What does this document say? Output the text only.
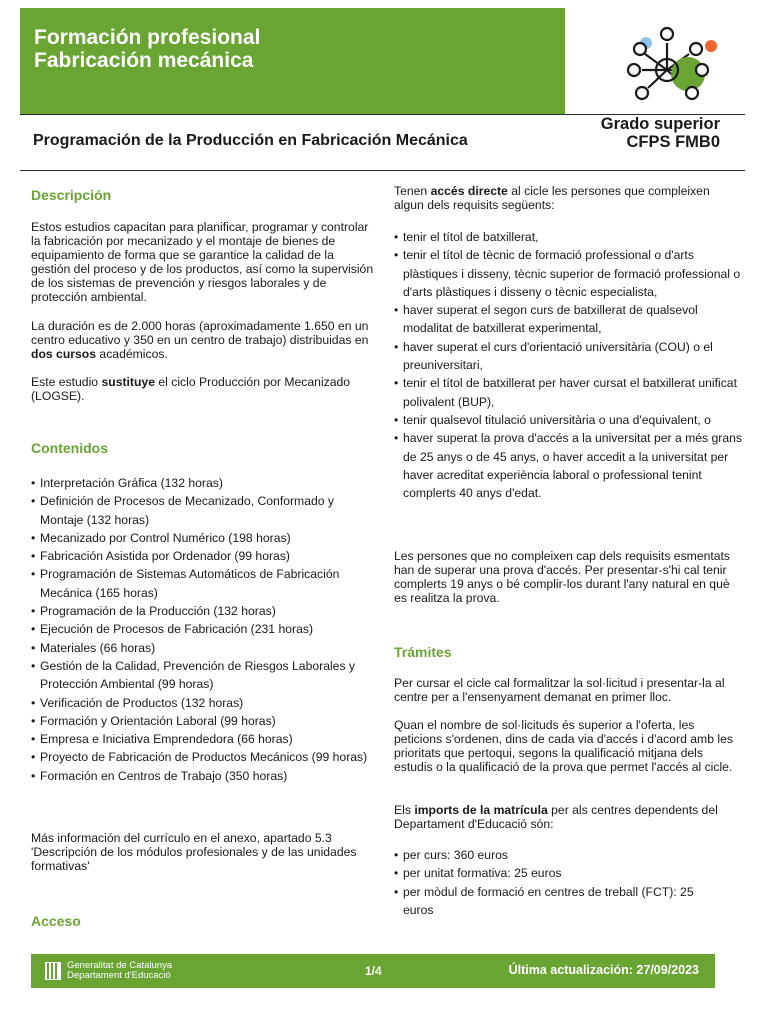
Formación profesional
Fabricación mecánica
Programación de la Producción en Fabricación Mecánica
Grado superior
CFPS FMB0
Descripción
Estos estudios capacitan para planificar, programar y controlar la fabricación por mecanizado y el montaje de bienes de equipamiento de forma que se garantice la calidad de la gestión del proceso y de los productos, así como la supervisión de los sistemas de prevención y riesgos laborales y de protección ambiental.
La duración es de 2.000 horas (aproximadamente 1.650 en un centro educativo y 350 en un centro de trabajo) distribuidas en dos cursos académicos.
Este estudio sustituye el ciclo Producción por Mecanizado (LOGSE).
Contenidos
• Interpretación Gráfica (132 horas)
• Definición de Procesos de Mecanizado, Conformado y Montaje (132 horas)
• Mecanizado por Control Numérico (198 horas)
• Fabricación Asistida por Ordenador (99 horas)
• Programación de Sistemas Automáticos de Fabricación Mecánica (165 horas)
• Programación de la Producción (132 horas)
• Ejecución de Procesos de Fabricación (231 horas)
• Materiales (66 horas)
• Gestión de la Calidad, Prevención de Riesgos Laborales y Protección Ambiental (99 horas)
• Verificación de Productos (132 horas)
• Formación y Orientación Laboral (99 horas)
• Empresa e Iniciativa Emprendedora (66 horas)
• Proyecto de Fabricación de Productos Mecánicos (99 horas)
• Formación en Centros de Trabajo (350 horas)
Más información del currículo en el anexo, apartado 5.3 'Descripción de los módulos profesionales y de las unidades formativas'
Acceso
Tenen accés directe al cicle les persones que compleixen algun dels requisits següents:
• tenir el títol de batxillerat,
• tenir el títol de tècnic de formació professional o d'arts plàstiques i disseny, tècnic superior de formació professional o d'arts plàstiques i disseny o tècnic especialista,
• haver superat el segon curs de batxillerat de qualsevol modalitat de batxillerat experimental,
• haver superat el curs d'orientació universitària (COU) o el preuniversitari,
• tenir el títol de batxillerat per haver cursat el batxillerat unificat polivalent (BUP),
• tenir qualsevol titulació universitària o una d'equivalent, o
• haver superat la prova d'accés a la universitat per a més grans de 25 anys o de 45 anys, o haver accedit a la universitat per haver acreditat experiència laboral o professional tenint complerts 40 anys d'edat.
Les persones que no compleixen cap dels requisits esmentats han de superar una prova d'accés. Per presentar-s'hi cal tenir complerts 19 anys o bé complir-los durant l'any natural en què es realitza la prova.
Trámites
Per cursar el cicle cal formalitzar la sol·licitud i presentar-la al centre per a l'ensenyament demanat en primer lloc.
Quan el nombre de sol·licituds és superior a l'oferta, les peticions s'ordenen, dins de cada via d'accés i d'acord amb les prioritats que pertoqui, segons la qualificació mitjana dels estudis o la qualificació de la prova que permet l'accés al cicle.
Els imports de la matrícula per als centres dependents del Departament d'Educació són:
• per curs: 360 euros
• per unitat formativa: 25 euros
• per mòdul de formació en centres de treball (FCT): 25 euros
Generalitat de Catalunya
Departament d'Educació	1/4	Última actualización: 27/09/2023
